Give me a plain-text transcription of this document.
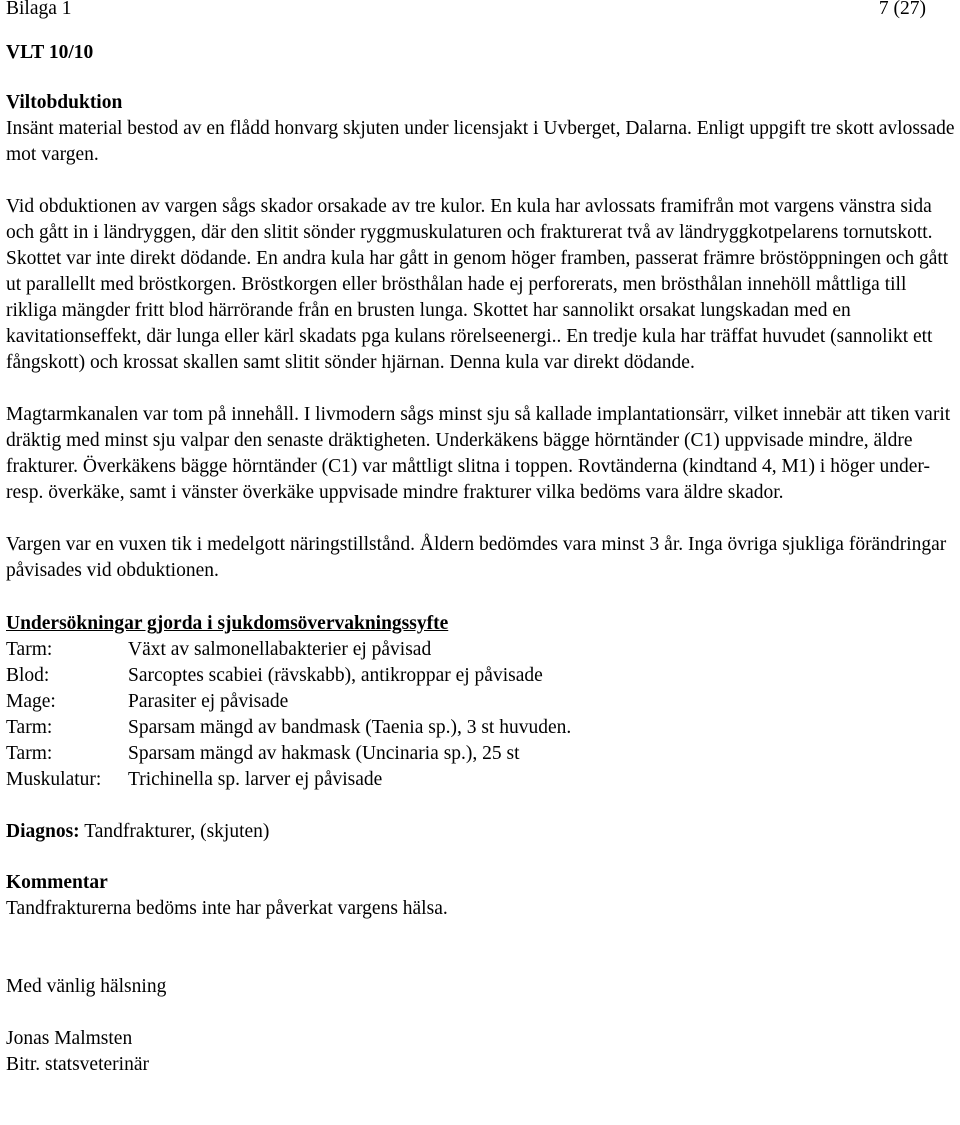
Bilaga 1	7 (27)
VLT 10/10
Viltobduktion

Insänt material bestod av en flådd honvarg skjuten under licensjakt i Uvberget, Dalarna. Enligt uppgift tre skott avlossade mot vargen.

Vid obduktionen av vargen sågs skador orsakade av tre kulor. En kula har avlossats framifrån mot vargens vänstra sida och gått in i ländryggen, där den slitit sönder ryggmuskulaturen och frakturerat två av ländryggkotpelarens tornutskott. Skottet var inte direkt dödande. En andra kula har gått in genom höger framben, passerat främre bröstöppningen och gått ut parallellt med bröstkorgen. Bröstkorgen eller brösthålan hade ej perforerats, men brösthålan innehöll måttliga till rikliga mängder fritt blod härrörande från en brusten lunga. Skottet har sannolikt orsakat lungskadan med en kavitationseffekt, där lunga eller kärl skadats pga kulans rörelseenergi.. En tredje kula har träffat huvudet (sannolikt ett fångskott) och krossat skallen samt slitit sönder hjärnan. Denna kula var direkt dödande.

Magtarmkanalen var tom på innehåll. I livmodern sågs minst sju så kallade implantationsärr, vilket innebär att tiken varit dräktig med minst sju valpar den senaste dräktigheten. Underkäkens bägge hörntänder (C1) uppvisade mindre, äldre frakturer. Överkäkens bägge hörntänder (C1) var måttligt slitna i toppen. Rovtänderna (kindtand 4, M1) i höger under- resp. överkäke, samt i vänster överkäke uppvisade mindre frakturer vilka bedöms vara äldre skador.

Vargen var en vuxen tik i medelgott näringstillstånd. Åldern bedömdes vara minst 3 år. Inga övriga sjukliga förändringar påvisades vid obduktionen.

Undersökningar gjorda i sjukdomsövervakningssyfte
Tarm:	Växt av salmonellabakterier ej påvisad
Blod:	Sarcoptes scabiei (rävskabb), antikroppar ej påvisade
Mage:	Parasiter ej påvisade
Tarm:	Sparsam mängd av bandmask (Taenia sp.), 3 st huvuden.
Tarm:	Sparsam mängd av hakmask (Uncinaria sp.), 25 st
Muskulatur:	Trichinella sp. larver ej påvisade
Diagnos: Tandfrakturer, (skjuten)
Kommentar

Tandfrakturerna bedöms inte har påverkat vargens hälsa.

Med vänlig hälsning

Jonas Malmsten

Bitr. statsveterinär
